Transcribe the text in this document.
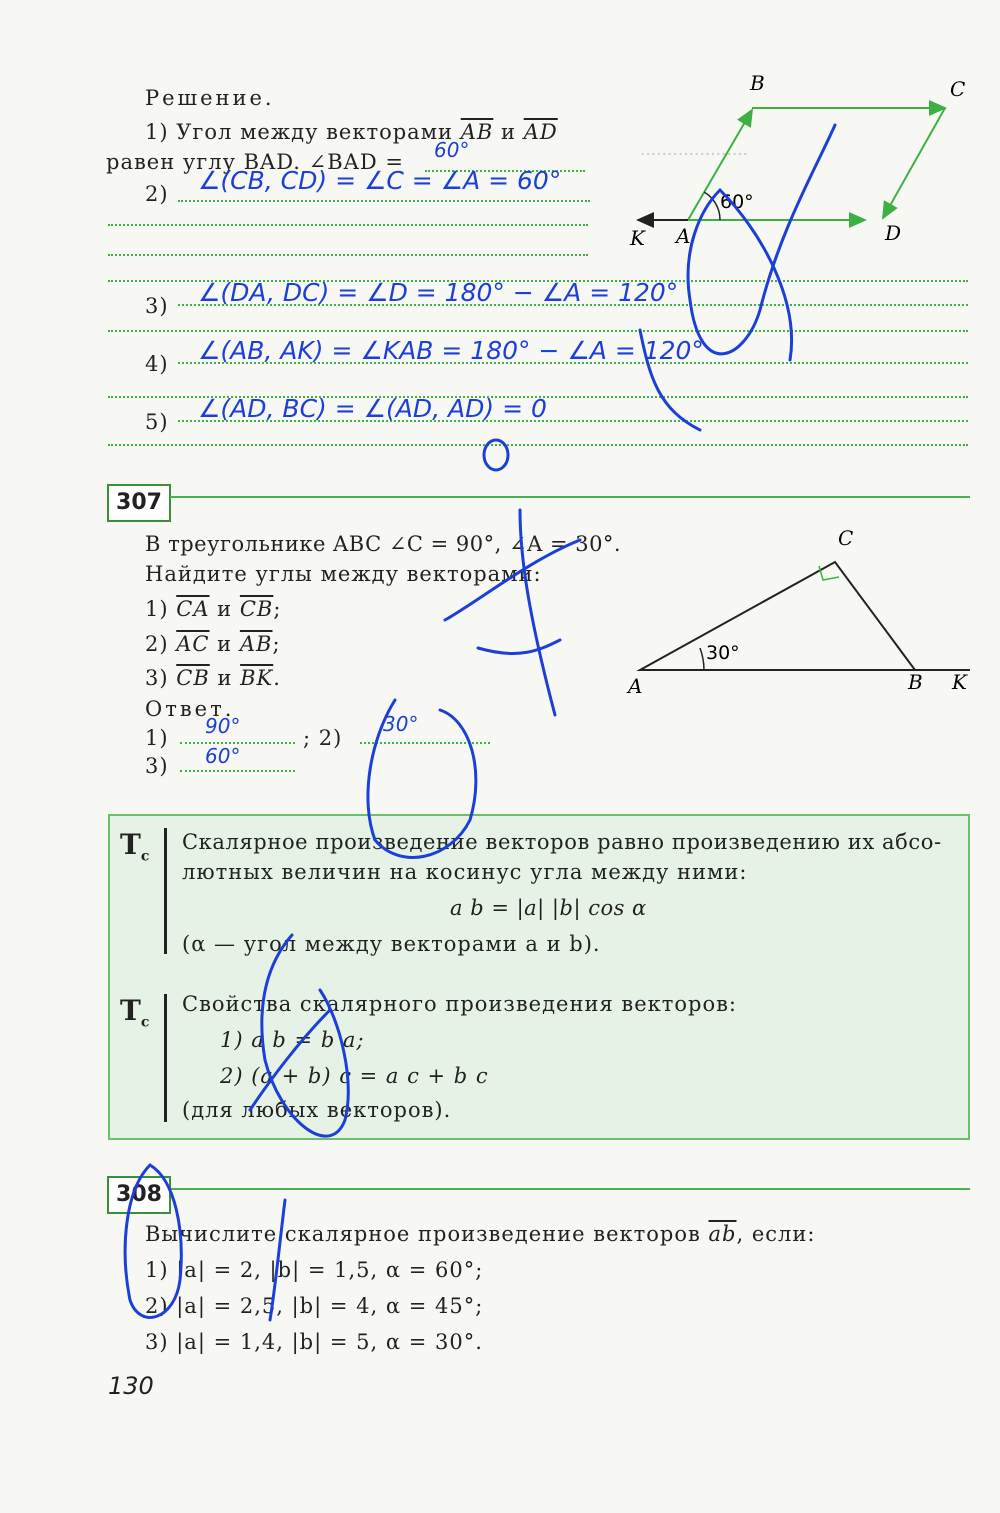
····················
Решение.
1) Угол между векторами $\overline{AB}$ и $\overline{AD}$
равен углу BAD. ∠BAD = 60°
2) ∠(CB, CD) = ∠C = ∠A = 60°
3) ∠(DA, DC) = ∠D = 180° − ∠A = 120°
4) ∠(AB, AK) = ∠KAB = 180° − ∠A = 120°
5) ∠(AD, BC) = ∠(AD, AD) = 0
B	C
K A	D
60°
307
В треугольнике ABC ∠C = 90°, ∠A = 30°.
Найдите углы между векторами:
1) $\overline{CA}$ и $\overline{CB}$;
2) $\overline{AC}$ и $\overline{AB}$;
3) $\overline{CB}$ и $\overline{BK}$.
Ответ.
1) 90°	; 2)
30°
3) 60°
C
A	B K
30°
$T_c$
Скалярное произведение векторов равно произведению их абсо-
лютных величин на косинус угла между ними:
a b = |a| |b| cos α
(α — угол между векторами a и b).
$T_c$
Свойства скалярного произведения векторов:
1) a b = b a;
2) (a + b) c = a c + b c
(для любых векторов).
308
Вычислите скалярное произведение векторов $\overline{ab}$, если:
1) |a| = 2, |b| = 1,5, α = 60°;
2) |a| = 2,5, |b| = 4, α = 45°;
3) |a| = 1,4, |b| = 5, α = 30°.
130
